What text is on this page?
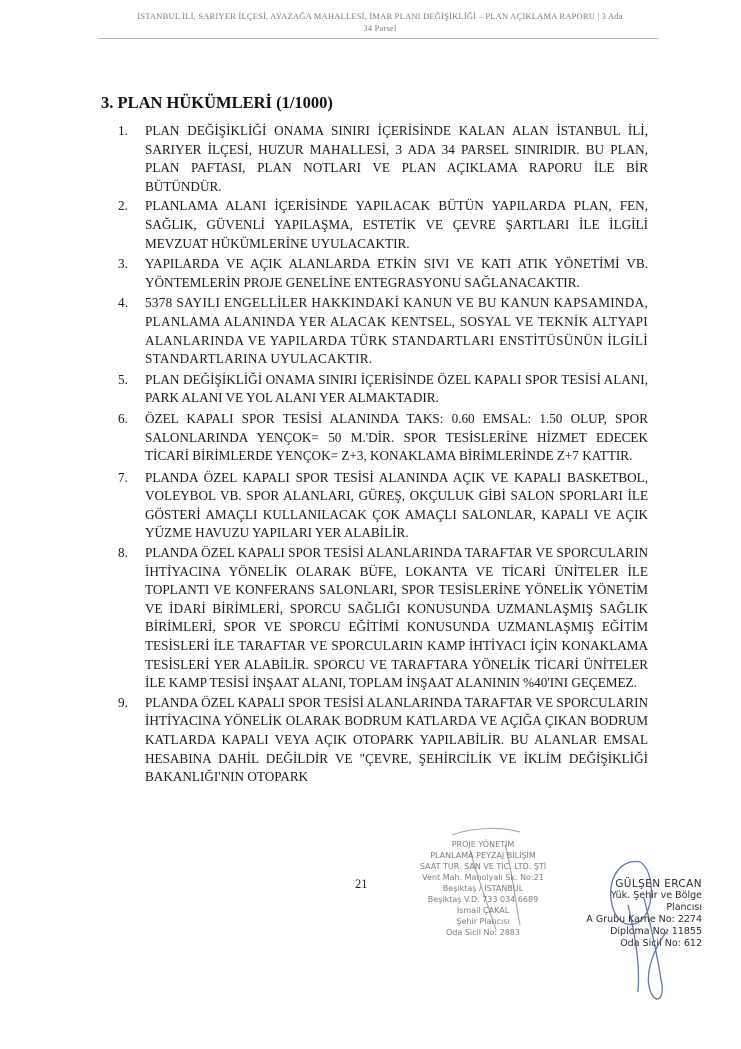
İSTANBUL İLİ, SARIYER İLÇESİ, AYAZAĞA MAHALLESİ, İMAR PLANI DEĞİŞİKLİĞİ – PLAN AÇIKLAMA RAPORU | 3 Ada
34 Parsel
3. PLAN HÜKÜMLERİ (1/1000)
1.	PLAN DEĞİŞİKLİĞİ ONAMA SINIRI İÇERİSİNDE KALAN ALAN İSTANBUL İLİ, SARIYER İLÇESİ, HUZUR MAHALLESİ, 3 ADA 34 PARSEL SINIRIDIR. BU PLAN, PLAN PAFTASI, PLAN NOTLARI VE PLAN AÇIKLAMA RAPORU İLE BİR BÜTÜNDÜR.
2.	PLANLAMA ALANI İÇERİSİNDE YAPILACAK BÜTÜN YAPILARDA PLAN, FEN, SAĞLIK, GÜVENLİ YAPILAŞMA, ESTETİK VE ÇEVRE ŞARTLARI İLE İLGİLİ MEVZUAT HÜKÜMLERİNE UYULACAKTIR.
3.	YAPILARDA VE AÇIK ALANLARDA ETKİN SIVI VE KATI ATIK YÖNETİMİ VB. YÖNTEMLERİN PROJE GENELİNE ENTEGRASYONU SAĞLANACAKTIR.
4.	5378 SAYILI ENGELLİLER HAKKINDAKİ KANUN VE BU KANUN KAPSAMINDA, PLANLAMA ALANINDA YER ALACAK KENTSEL, SOSYAL VE TEKNİK ALTYAPI ALANLARINDA VE YAPILARDA TÜRK STANDARTLARI ENSTİTÜSÜNÜN İLGİLİ STANDARTLARINA UYULACAKTIR.
5.	PLAN DEĞİŞİKLİĞİ ONAMA SINIRI İÇERİSİNDE ÖZEL KAPALI SPOR TESİSİ ALANI, PARK ALANI VE YOL ALANI YER ALMAKTADIR.
6.	ÖZEL KAPALI SPOR TESİSİ ALANINDA TAKS: 0.60 EMSAL: 1.50 OLUP, SPOR SALONLARINDA YENÇOK= 50 M.'DİR. SPOR TESİSLERİNE HİZMET EDECEK TİCARİ BİRİMLERDE YENÇOK= Z+3, KONAKLAMA BİRİMLERİNDE Z+7 KATTIR.
7.	PLANDA ÖZEL KAPALI SPOR TESİSİ ALANINDA AÇIK VE KAPALI BASKETBOL, VOLEYBOL VB. SPOR ALANLARI, GÜREŞ, OKÇULUK GİBİ SALON SPORLARI İLE GÖSTERİ AMAÇLI KULLANILACAK ÇOK AMAÇLI SALONLAR, KAPALI VE AÇIK YÜZME HAVUZU YAPILARI YER ALABİLİR.
8.	PLANDA ÖZEL KAPALI SPOR TESİSİ ALANLARINDA TARAFTAR VE SPORCULARIN İHTİYACINA YÖNELİK OLARAK BÜFE, LOKANTA VE TİCARİ ÜNİTELER İLE TOPLANTI VE KONFERANS SALONLARI, SPOR TESİSLERİNE YÖNELİK YÖNETİM VE İDARİ BİRİMLERİ, SPORCU SAĞLIĞI KONUSUNDA UZMANLAŞMIŞ SAĞLIK BİRİMLERİ, SPOR VE SPORCU EĞİTİMİ KONUSUNDA UZMANLAŞMIŞ EĞİTİM TESİSLERİ İLE TARAFTAR VE SPORCULARIN KAMP İHTİYACI İÇİN KONAKLAMA TESİSLERİ YER ALABİLİR. SPORCU VE TARAFTARA YÖNELİK TİCARİ ÜNİTELER İLE KAMP TESİSİ İNŞAAT ALANI, TOPLAM İNŞAAT ALANININ %40'INI GEÇEMEZ.
9.	PLANDA ÖZEL KAPALI SPOR TESİSİ ALANLARINDA TARAFTAR VE SPORCULARIN İHTİYACINA YÖNELİK OLARAK BODRUM KATLARDA VE AÇIĞA ÇIKAN BODRUM KATLARDA KAPALI VEYA AÇIK OTOPARK YAPILABİLİR. BU ALANLAR EMSAL HESABINA DAHİL DEĞİLDİR VE "ÇEVRE, ŞEHİRCİLİK VE İKLİM DEĞİŞİKLİĞİ BAKANLIĞI'NIN OTOPARK
21
PROJE YÖNETİM
PLANLAMA PEYZAJ BİLİŞİM
SAAT TUR. SAN VE TİC. LTD. ŞTİ
Vent Mah. Manolyalı Sk. No:21
Beşiktaş / İSTANBUL
Beşiktaş V.D. 733 034 6689
İsmail ÇAKAL
Şehir Plancısı
Oda Sicil No: 2883
GÜLŞEN ERCAN
Yük. Şehir ve Bölge Plancısı
A Grubu Karne No: 2274
Diploma No: 11855
Oda Sicil No: 612
